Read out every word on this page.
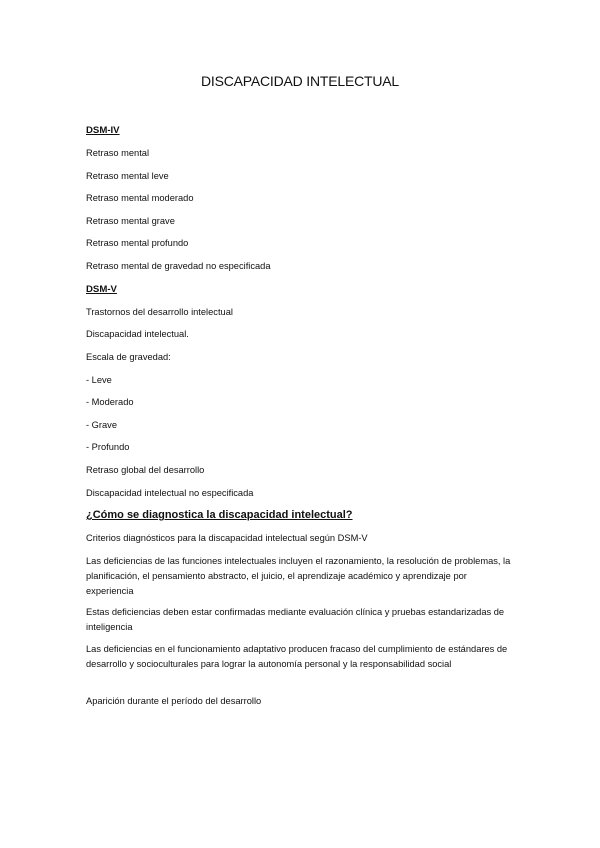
DISCAPACIDAD INTELECTUAL
DSM-IV
Retraso mental
Retraso mental leve
Retraso mental moderado
Retraso mental grave
Retraso mental profundo
Retraso mental de gravedad no especificada
DSM-V
Trastornos del desarrollo intelectual
Discapacidad intelectual.
Escala de gravedad:
- Leve
- Moderado
- Grave
- Profundo
Retraso global del desarrollo
Discapacidad intelectual no especificada
¿Cómo se diagnostica la discapacidad intelectual?
Criterios diagnósticos para la discapacidad intelectual según DSM-V
Las deficiencias de las funciones intelectuales incluyen el razonamiento, la resolución de problemas, la planificación, el pensamiento abstracto, el juicio, el aprendizaje académico y aprendizaje por experiencia
Estas deficiencias deben estar confirmadas mediante evaluación clínica y pruebas estandarizadas de inteligencia
Las deficiencias en el funcionamiento adaptativo producen fracaso del cumplimiento de estándares de desarrollo y socioculturales para lograr la autonomía personal y la responsabilidad social
Aparición durante el período del desarrollo
